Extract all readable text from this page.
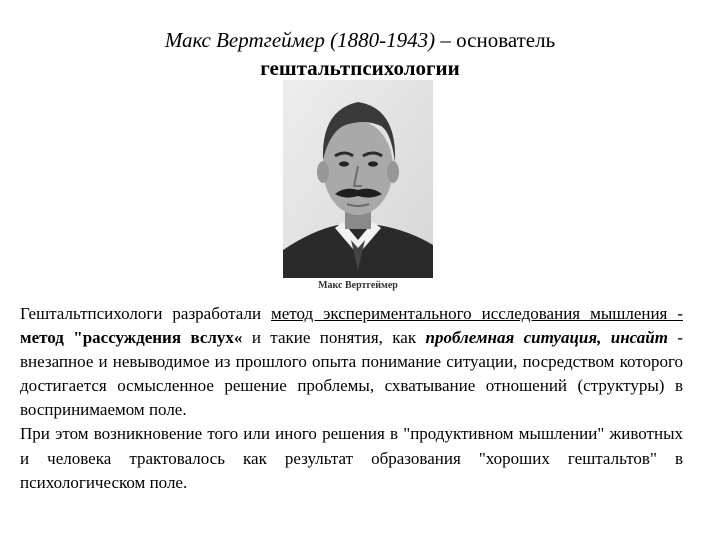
Макс Вертгеймер (1880-1943) – основатель
гештальтпсихологии
Макс Вертгеймер

Гештальтпсихологи разработали метод экспериментального исследования мышления - метод "рассуждения вслух« и такие понятия, как проблемная ситуация, инсайт - внезапное и невыводимое из прошлого опыта понимание ситуации, посредством которого достигается осмысленное решение проблемы, схватывание отношений (структуры) в воспринимаемом поле.

При этом возникновение того или иного решения в "продуктивном мышлении" животных и человека трактовалось как результат образования "хороших гештальтов" в психологическом поле.
